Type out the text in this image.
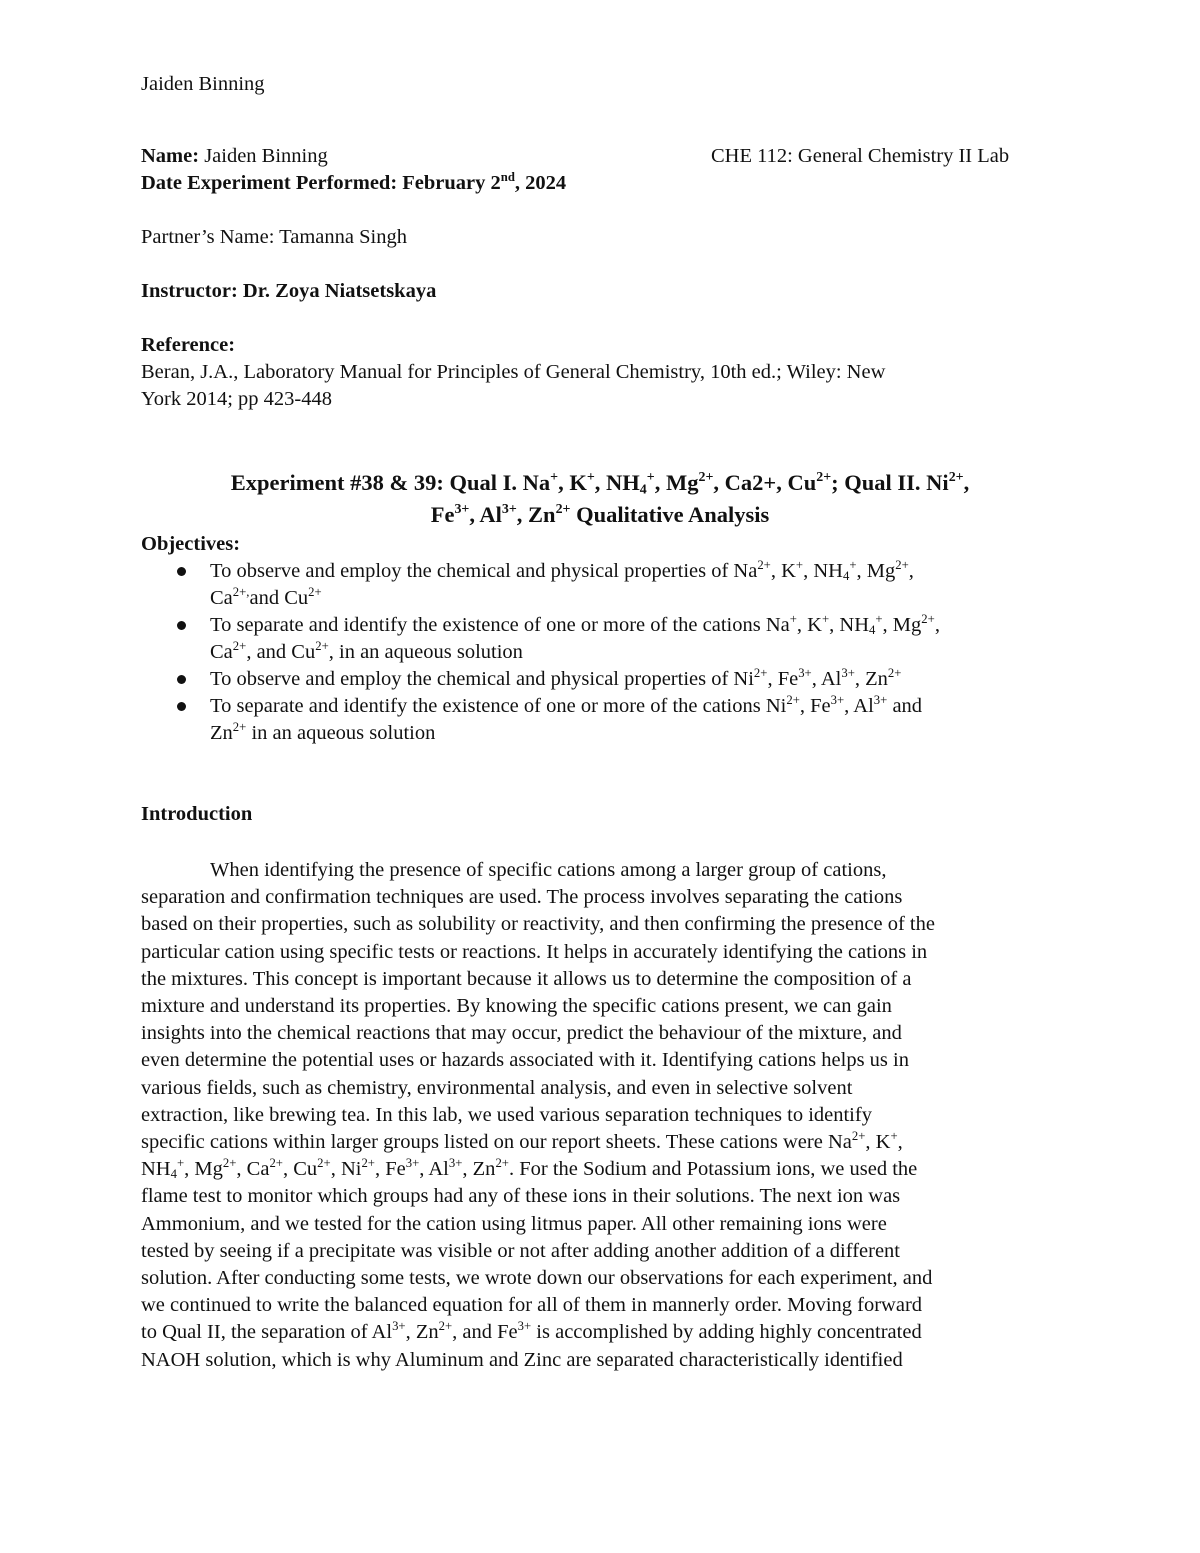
Jaiden Binning
Name: Jaiden Binning	CHE 112: General Chemistry II Lab
Date Experiment Performed: February 2nd, 2024
Partner’s Name: Tamanna Singh
Instructor: Dr. Zoya Niatsetskaya
Reference:
Beran, J.A., Laboratory Manual for Principles of General Chemistry, 10th ed.; Wiley: New
York 2014; pp 423-448
Experiment #38 & 39: Qual I. Na+, K+, $NH_4^+$, $Mg^{2+}$, Ca2+, $Cu^{2+}$; Qual II. $Ni^{2+}$,
$Fe^{3+}$, $Al^{3+}$, $Zn^{2+}$ Qualitative Analysis
Objectives:
To observe and employ the chemical and physical properties of $Na^{2+}$, K+, $NH_4^+$, $Mg^{2+}$,
$Ca^{2+,}and$ $Cu^{2+}$
To separate and identify the existence of one or more of the cations Na+, K+, $NH_4^+$, $Mg^{2+}$,
$Ca^{2+}$, and $Cu^{2+}$, in an aqueous solution
To observe and employ the chemical and physical properties of $Ni^{2+}$, $Fe^{3+}$, $Al^{3+}$, $Zn^{2+}$
To separate and identify the existence of one or more of the cations $Ni^{2+}$, $Fe^{3+}$, $Al^{3+}$ and
$Zn^{2+}$ in an aqueous solution
Introduction
When identifying the presence of specific cations among a larger group of cations,
separation and confirmation techniques are used. The process involves separating the cations
based on their properties, such as solubility or reactivity, and then confirming the presence of the
particular cation using specific tests or reactions. It helps in accurately identifying the cations in
the mixtures. This concept is important because it allows us to determine the composition of a
mixture and understand its properties. By knowing the specific cations present, we can gain
insights into the chemical reactions that may occur, predict the behaviour of the mixture, and
even determine the potential uses or hazards associated with it. Identifying cations helps us in
various fields, such as chemistry, environmental analysis, and even in selective solvent
extraction, like brewing tea. In this lab, we used various separation techniques to identify
specific cations within larger groups listed on our report sheets. These cations were $Na^{2+}$, K+,
$NH_4^+$, $Mg^{2+}$, $Ca^{2+}$, $Cu^{2+}$, $Ni^{2+}$, $Fe^{3+}$, $Al^{3+}$, $Zn^{2+}$. For the Sodium and Potassium ions, we used the
flame test to monitor which groups had any of these ions in their solutions. The next ion was
Ammonium, and we tested for the cation using litmus paper. All other remaining ions were
tested by seeing if a precipitate was visible or not after adding another addition of a different
solution. After conducting some tests, we wrote down our observations for each experiment, and
we continued to write the balanced equation for all of them in mannerly order. Moving forward
to Qual II, the separation of $Al^{3+}$, $Zn^{2+}$, and $Fe^{3+}$ is accomplished by adding highly concentrated
NAOH solution, which is why Aluminum and Zinc are separated characteristically identified
